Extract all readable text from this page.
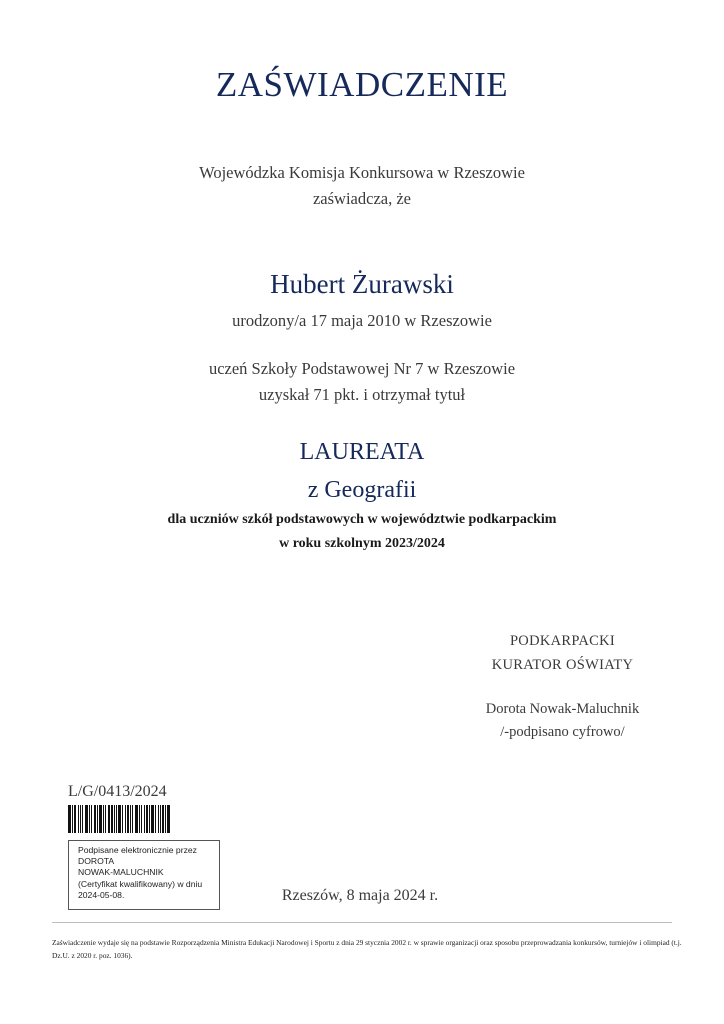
ZAŚWIADCZENIE
Wojewódzka Komisja Konkursowa w Rzeszowie
zaświadcza, że
Hubert Żurawski
urodzony/a 17 maja 2010 w Rzeszowie
uczeń Szkoły Podstawowej Nr 7 w Rzeszowie
uzyskał 71 pkt. i otrzymał tytuł
LAUREATA
z Geografii
dla uczniów szkół podstawowych w województwie podkarpackim
w roku szkolnym 2023/2024
PODKARPACKI
KURATOR OŚWIATY
Dorota Nowak-Maluchnik
/-podpisano cyfrowo/
L/G/0413/2024
Podpisane elektronicznie przez
DOROTA
NOWAK-MALUCHNIK
(Certyfikat kwalifikowany) w dniu
2024-05-08.	Rzeszów, 8 maja 2024 r.
Zaświadczenie wydaje się na podstawie Rozporządzenia Ministra Edukacji Narodowej i Sportu z dnia 29 stycznia 2002 r. w sprawie organizacji oraz sposobu przeprowadzania konkursów, turniejów i olimpiad (t.j. Dz.U. z 2020 r. poz. 1036).
